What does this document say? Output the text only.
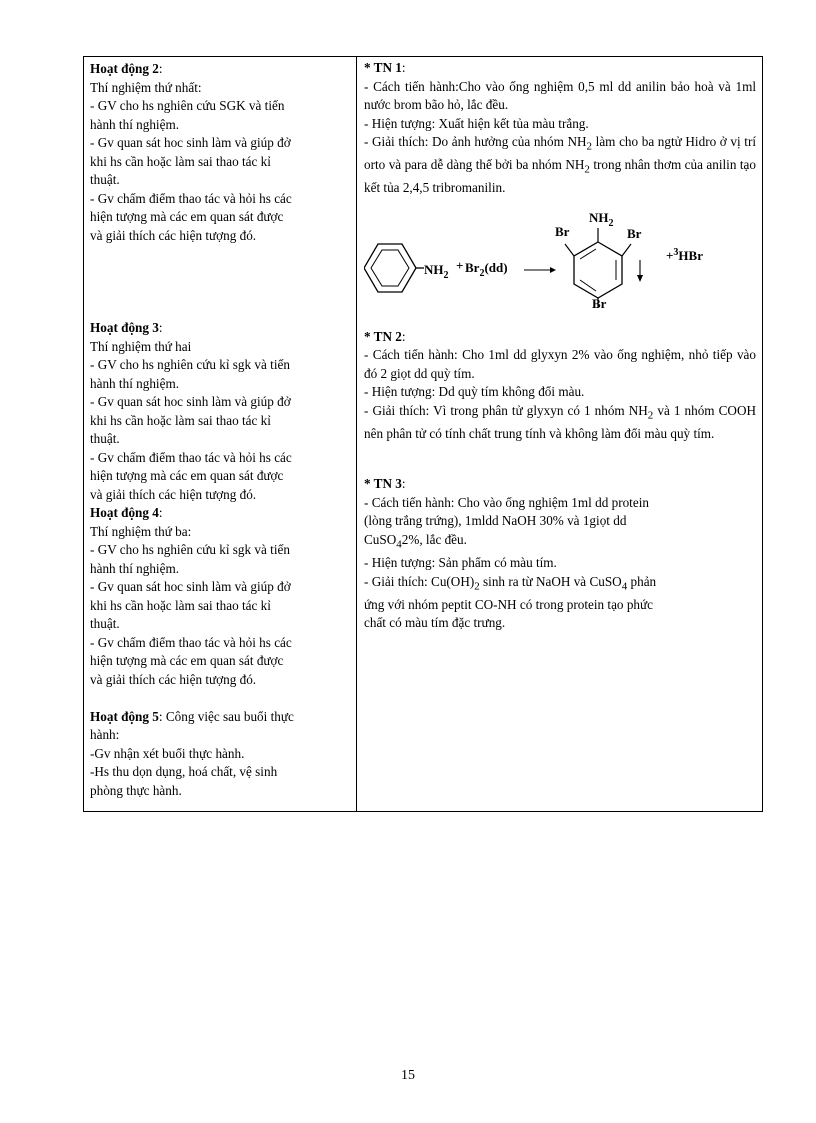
Hoạt động 2:
Thí nghiệm thứ nhất:
- GV cho hs nghiên cứu SGK và tiến
hành thí nghiệm.
- Gv quan sát hoc sinh làm và giúp đở
khi hs cần hoặc làm sai thao tác kỉ
thuật.
- Gv chấm điểm thao tác và hỏi hs các
hiện tượng mà các em quan sát được
và giải thích các hiện tượng đó.
Hoạt động 3:
Thí nghiệm thứ hai
- GV cho hs nghiên cứu kỉ sgk và tiến
hành thí nghiệm.
- Gv quan sát hoc sinh làm và giúp đở
khi hs cần hoặc làm sai thao tác kỉ
thuật.
- Gv chấm điểm thao tác và hỏi hs các
hiện tượng mà các em quan sát được
và giải thích các hiện tượng đó.
Hoạt động 4:
Thí nghiệm thứ ba:
- GV cho hs nghiên cứu kỉ sgk và tiến
hành thí nghiệm.
- Gv quan sát hoc sinh làm và giúp đở
khi hs cần hoặc làm sai thao tác kỉ
thuật.
- Gv chấm điểm thao tác và hỏi hs các
hiện tượng mà các em quan sát được
và giải thích các hiện tượng đó.
Hoạt động 5: Công việc sau buổi thực
hành:
-Gv nhận xét buổi thực hành.
-Hs thu dọn dụng, hoá chất, vệ sinh
phòng thực hành.
* TN 1:
- Cách tiến hành:Cho vào ống nghiệm 0,5 ml dd anilin bảo hoà và 1ml nước brom bão hỏ, lắc đều.
- Hiện tượng: Xuất hiện kết tủa màu trắng.
- Giải thích: Do ảnh hưởng của nhóm $NH_2$ làm cho ba ngtử Hidro ở vị trí orto và para dễ dàng thế bởi ba nhóm $NH_2$ trong nhân thơm của anilin tạo kết tủa 2,4,5 tribromanilin.
$NH_2$
+ $Br_2(dd)$
$NH_2$
Br	Br
Br
+$^3$HBr
* TN 2:
- Cách tiến hành: Cho 1ml dd glyxyn 2% vào ống nghiệm, nhỏ tiếp vào đó 2 giọt dd quỳ tím.
- Hiện tượng: Dd quỳ tím không đổi màu.
- Giải thích: Vì trong phân tử glyxyn có 1 nhóm $NH_2$ và 1 nhóm COOH nên phân tử có tính chất trung tính và không làm đổi màu quỳ tím.
* TN 3:
- Cách tiến hành: Cho vào ống nghiệm 1ml dd protein
(lòng trắng trứng), 1mldd NaOH 30% và 1giọt dd
CuSO$_4$2%, lắc đều.
- Hiện tượng: Sản phẩm có màu tím.
- Giải thích: $Cu(OH)_2$ sinh ra từ NaOH và CuSO$_4$ phản
ứng với nhóm peptit CO-NH có trong protein tạo phức
chất có màu tím đặc trưng.
15
